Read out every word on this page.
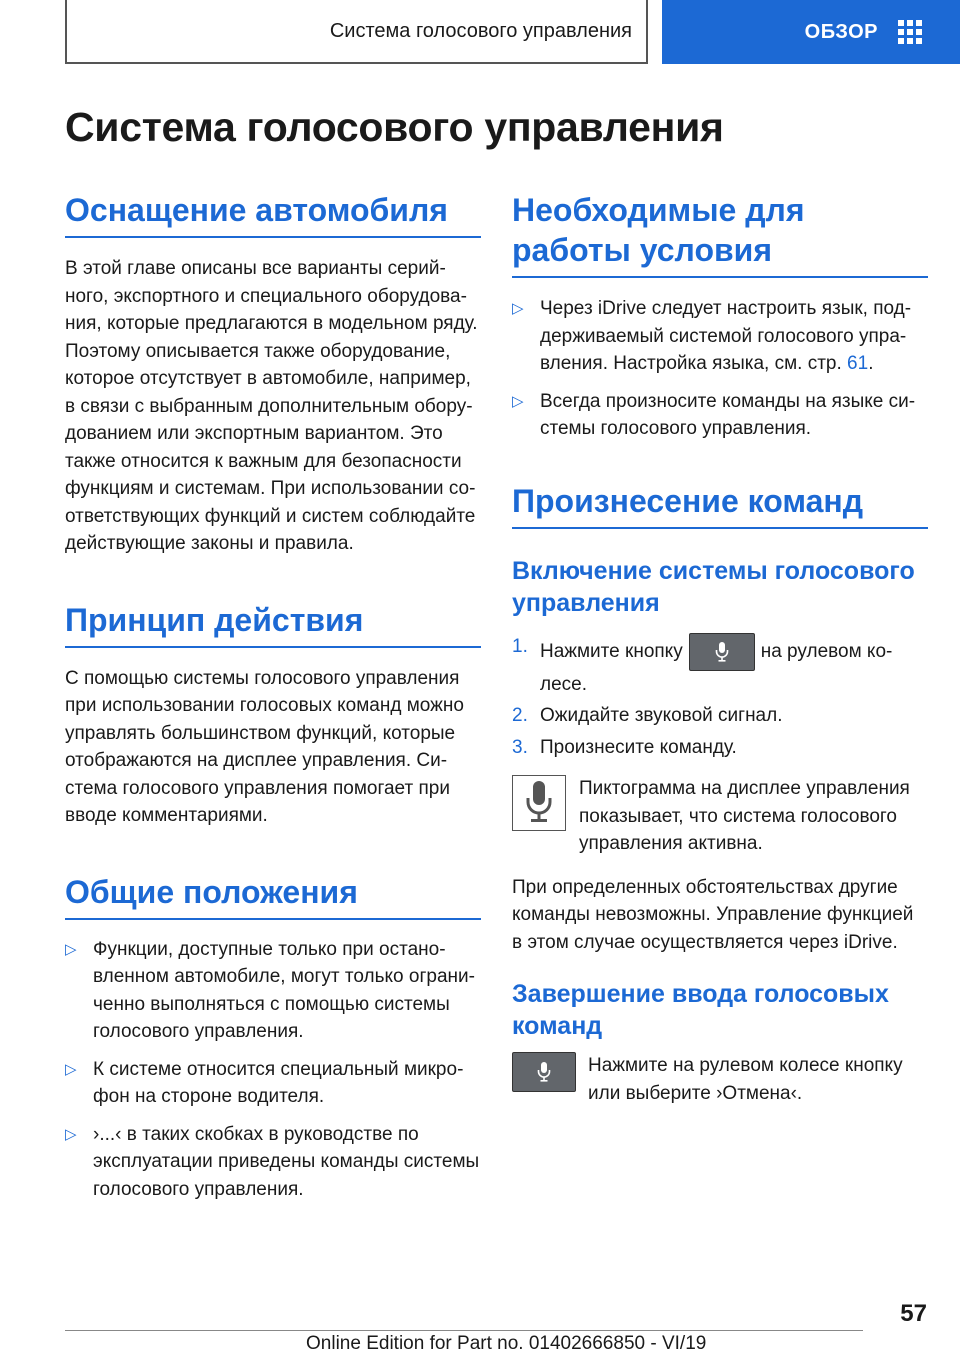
Система голосового управления	ОБЗОР
Система голосового управления
Оснащение автомобиля

В этой главе описаны все варианты серийного, экспортного и специального оборудования, которые предлагаются в модельном ряду. Поэтому описывается также оборудование, которое отсутствует в автомобиле, например, в связи с выбранным дополнительным оборудованием или экспортным вариантом. Это также относится к важным для безопасности функциям и системам. При использовании соответствующих функций и систем соблюдайте действующие законы и правила.

Принцип действия

С помощью системы голосового управления при использовании голосовых команд можно управлять большинством функций, которые отображаются на дисплее управления. Система голосового управления помогает при вводе комментариями.

Общие положения
▷ Функции, доступные только при остановленном автомобиле, могут только ограниченно выполняться с помощью системы голосового управления.
▷ К системе относится специальный микрофон на стороне водителя.
▷ ›...‹ в таких скобках в руководстве по эксплуатации приведены команды системы голосового управления.
Необходимые для работы условия
▷ Через iDrive следует настроить язык, поддерживаемый системой голосового управления. Настройка языка, см. стр. 61.
▷ Всегда произносите команды на языке системы голосового управления.
Произнесение команд
Включение системы голосового управления
1. Нажмите кнопку	на рулевом колесе.
2. Ожидайте звуковой сигнал.
3. Произнесите команду.

Пиктограмма на дисплее управления показывает, что система голосового управления активна.

При определенных обстоятельствах другие команды невозможны. Управление функцией в этом случае осуществляется через iDrive.

Завершение ввода голосовых команд

Нажмите на рулевом колесе кнопку или выберите ›Отмена‹.

57
Online Edition for Part no. 01402666850 - VI/19
